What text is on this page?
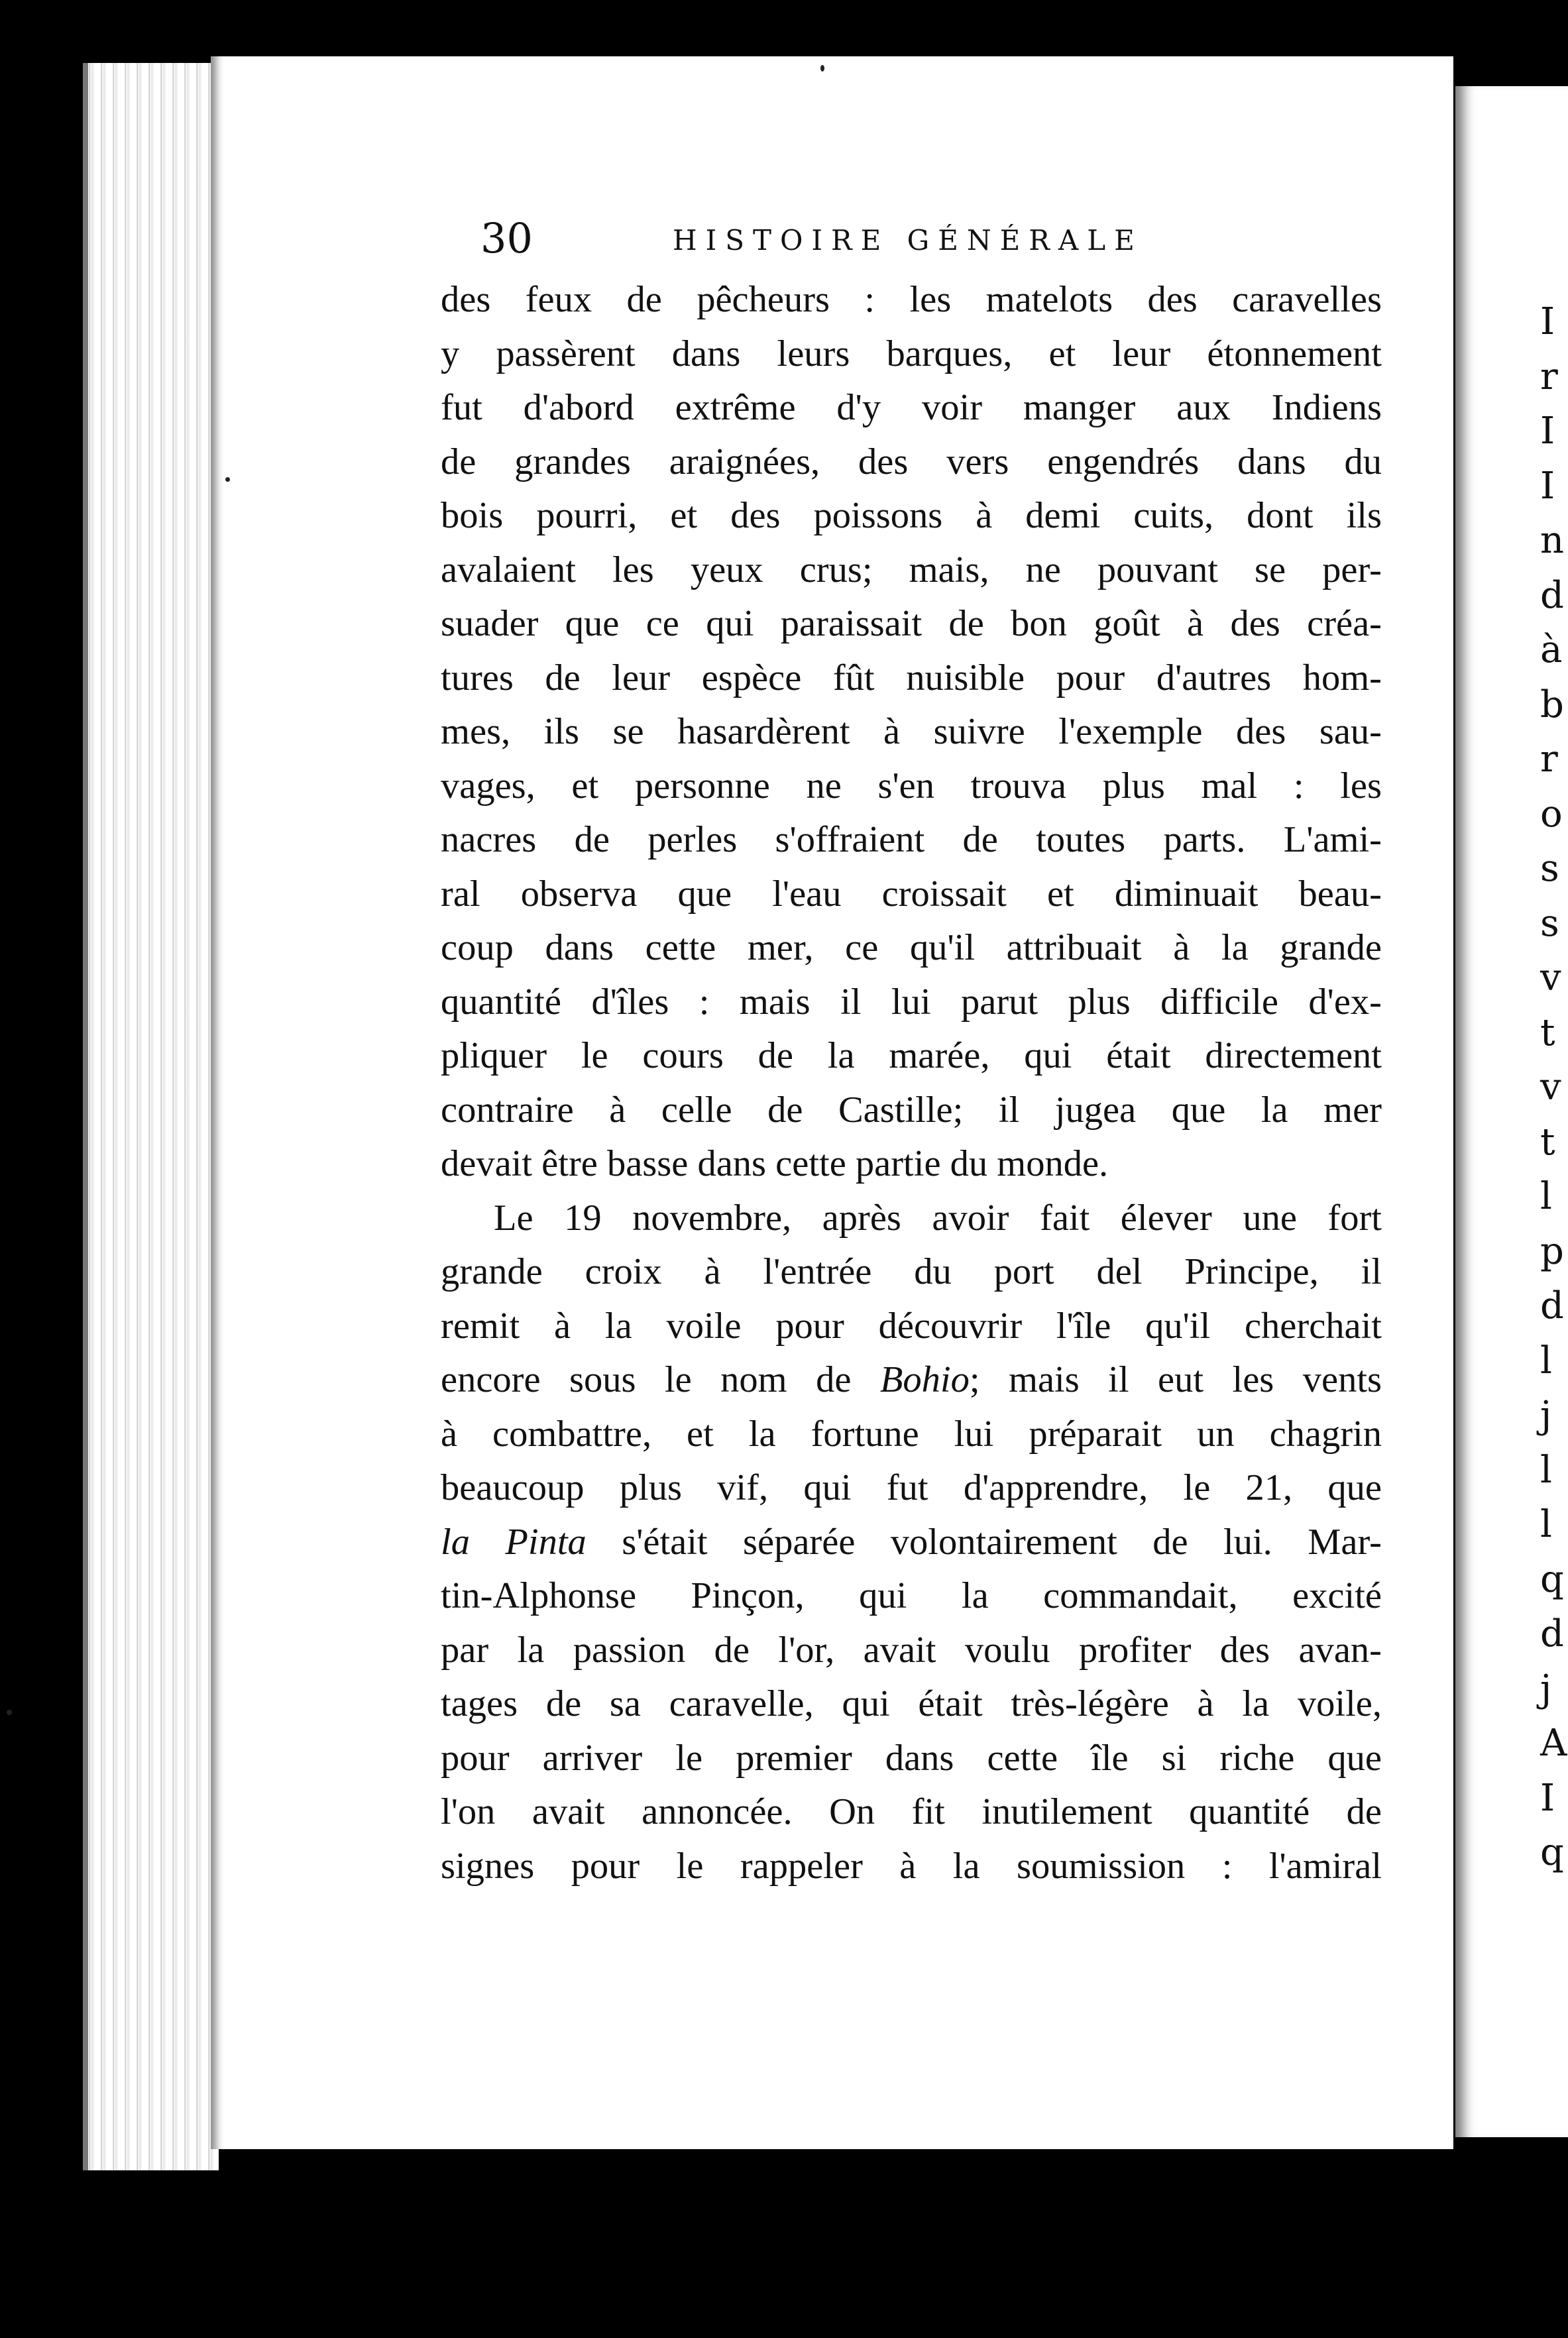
I
r
I
I
n
d
à
b
r
o
s
s
v
t
v
t
l
p
d
l
j
l
l
q
d
j
A
I
q
30	HISTOIRE GÉNÉRALE
des feux de pêcheurs : les matelots des caravelles
y passèrent dans leurs barques, et leur étonnement
fut d'abord extrême d'y voir manger aux Indiens
de grandes araignées, des vers engendrés dans du
bois pourri, et des poissons à demi cuits, dont ils
avalaient les yeux crus; mais, ne pouvant se per-
suader que ce qui paraissait de bon goût à des créa-
tures de leur espèce fût nuisible pour d'autres hom-
mes, ils se hasardèrent à suivre l'exemple des sau-
vages, et personne ne s'en trouva plus mal : les
nacres de perles s'offraient de toutes parts. L'ami-
ral observa que l'eau croissait et diminuait beau-
coup dans cette mer, ce qu'il attribuait à la grande
quantité d'îles : mais il lui parut plus difficile d'ex-
pliquer le cours de la marée, qui était directement
contraire à celle de Castille; il jugea que la mer
devait être basse dans cette partie du monde.
Le 19 novembre, après avoir fait élever une fort
grande croix à l'entrée du port del Principe, il
remit à la voile pour découvrir l'île qu'il cherchait
encore sous le nom de Bohio; mais il eut les vents
à combattre, et la fortune lui préparait un chagrin
beaucoup plus vif, qui fut d'apprendre, le 21, que
la Pinta s'était séparée volontairement de lui. Mar-
tin-Alphonse Pinçon, qui la commandait, excité
par la passion de l'or, avait voulu profiter des avan-
tages de sa caravelle, qui était très-légère à la voile,
pour arriver le premier dans cette île si riche que
l'on avait annoncée. On fit inutilement quantité de
signes pour le rappeler à la soumission : l'amiral
